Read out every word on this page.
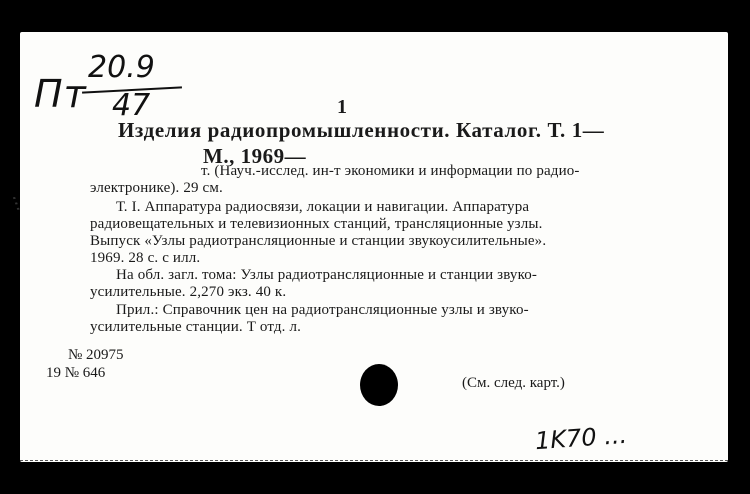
Пт
20.9
47	1
Изделия радиопромышленности. Каталог. Т. 1—
М., 1969—
т. (Науч.-исслед. ин-т экономики и информации по радио-
электронике). 29 см.
Т. I. Аппаратура радиосвязи, локации и навигации. Аппаратура
радиовещательных и телевизионных станций, трансляционные узлы.
Выпуск «Узлы радиотрансляционные и станции звукоусилительные».
1969. 28 с. с илл.
На обл. загл. тома: Узлы радиотрансляционные и станции звуко-
усилительные. 2,270 экз. 40 к.
Прил.: Справочник цен на радиотрансляционные узлы и звуко-
усилительные станции. Т отд. л.
№ 20975
19 № 646
(См. след. карт.)
...
1K70 ...
